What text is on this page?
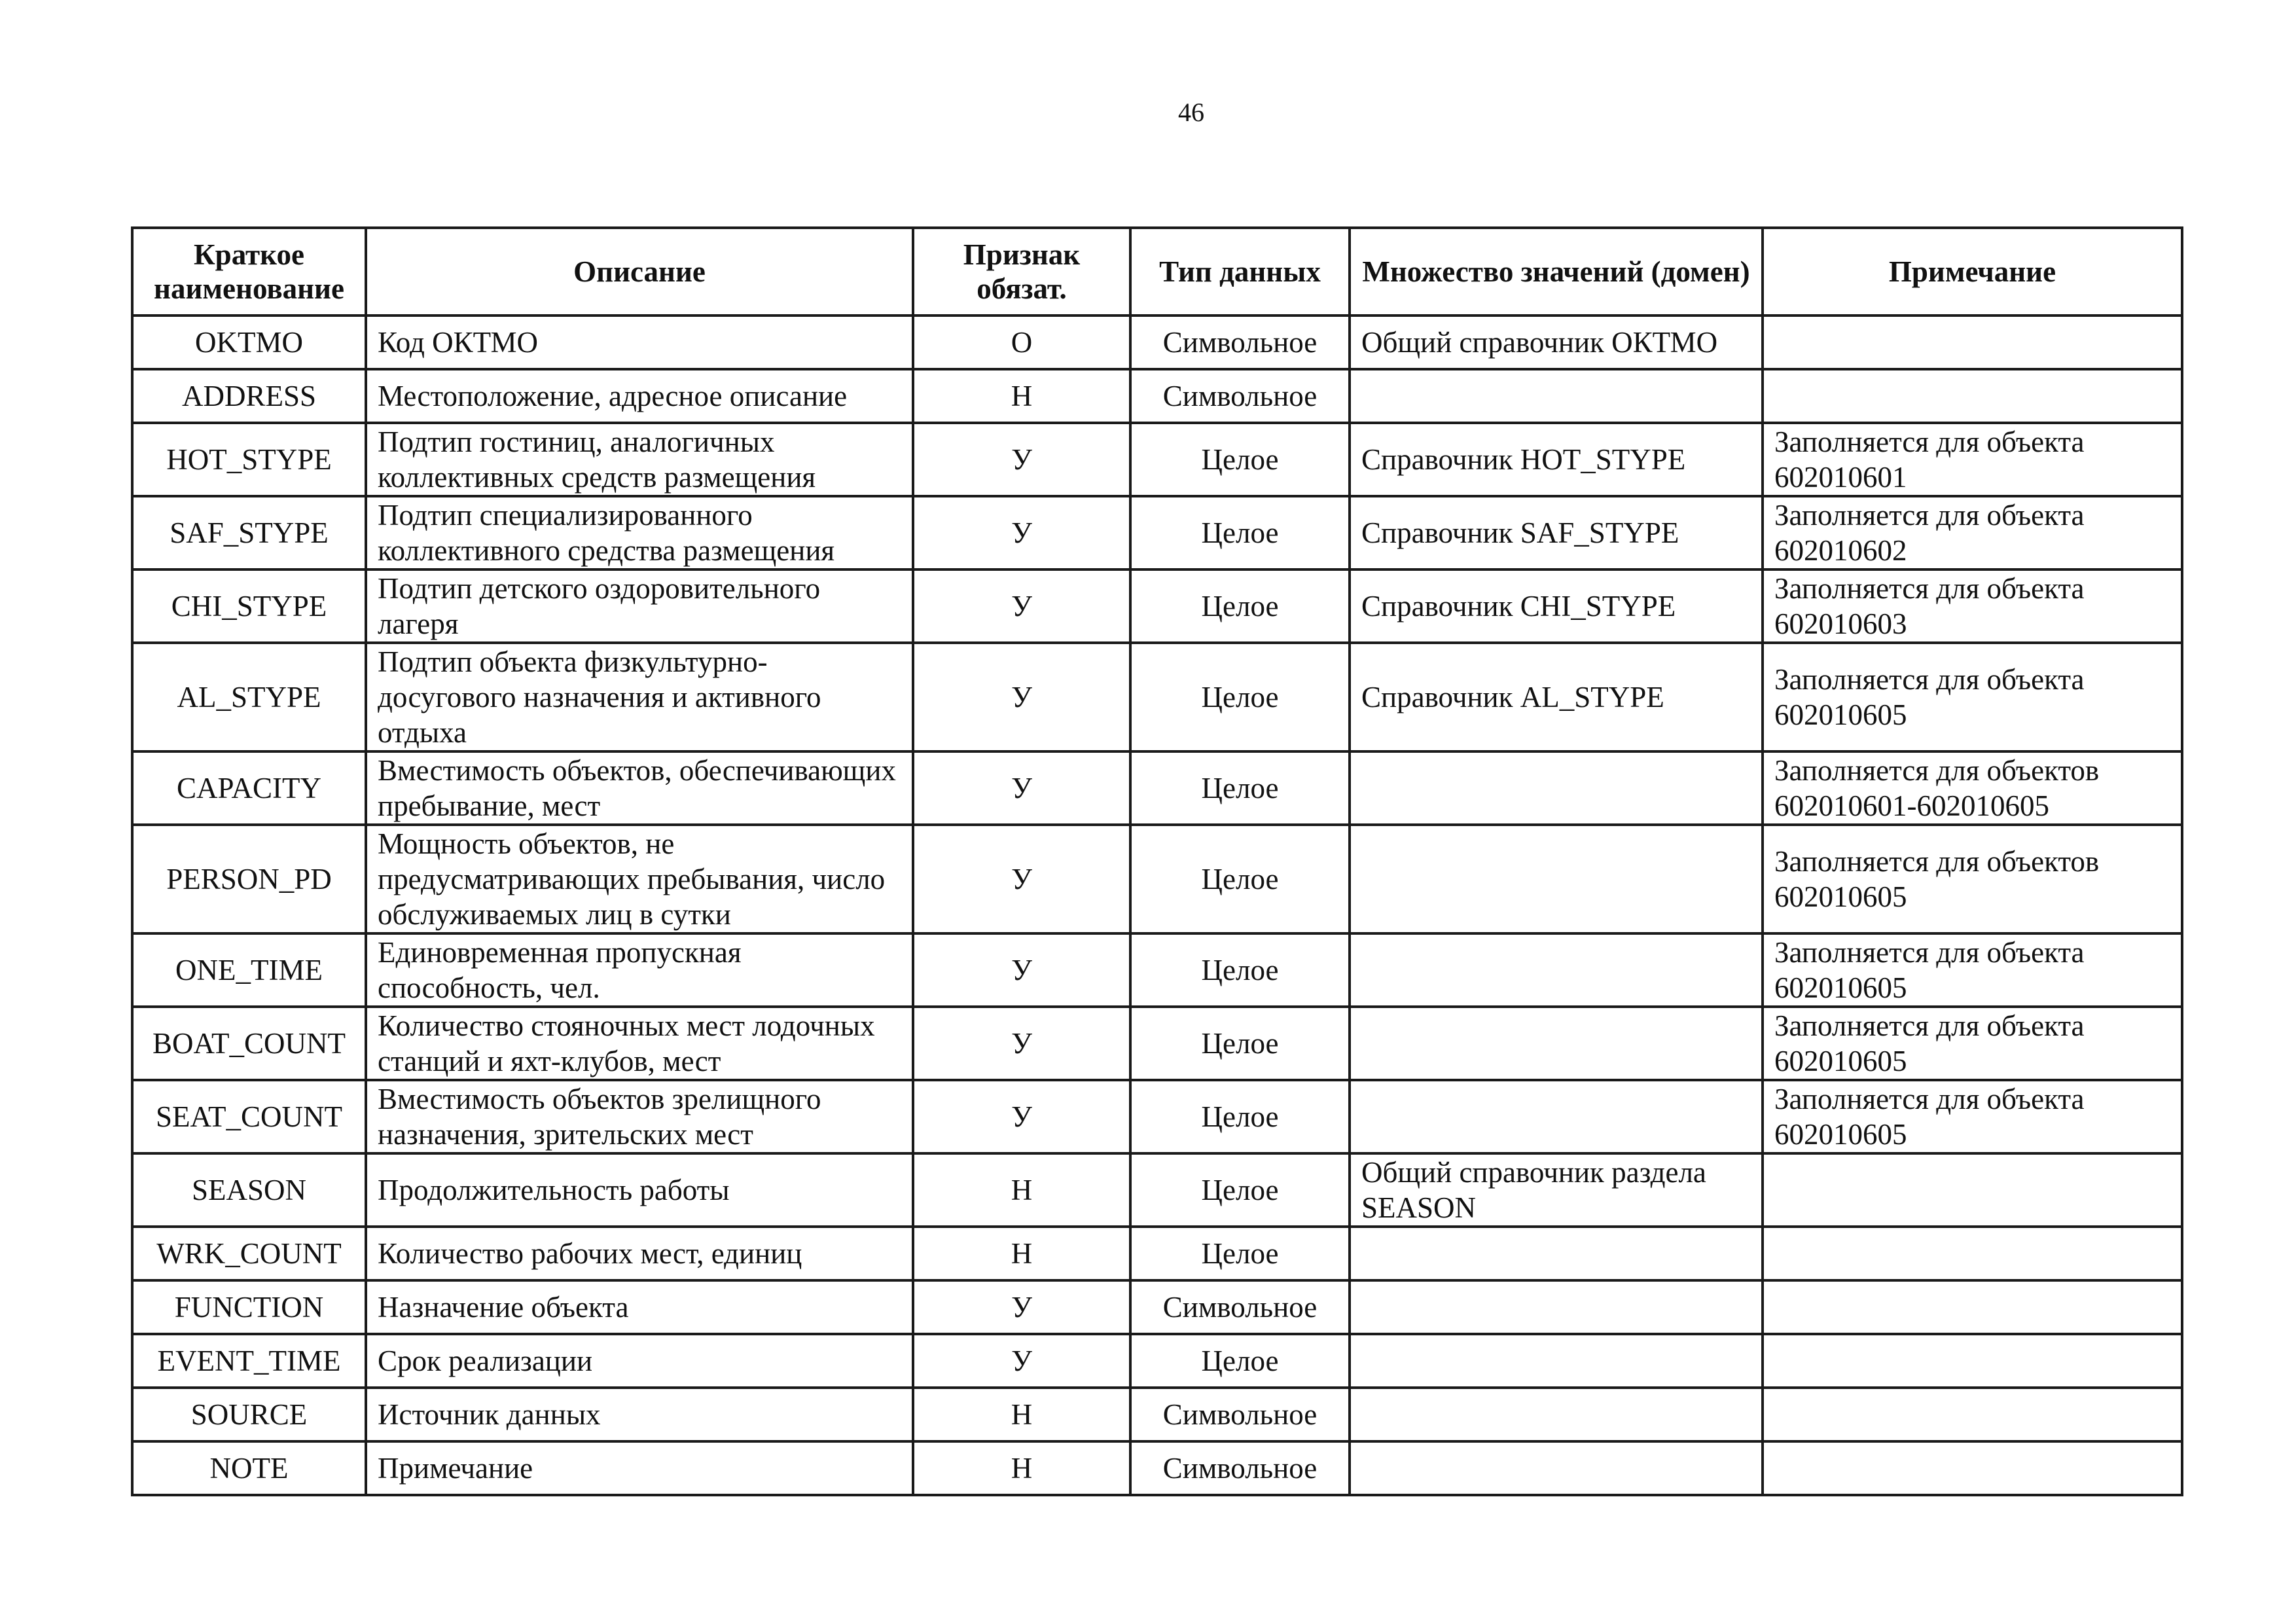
46
Краткое наименование	Описание	Признак обязат.	Тип данных	Множество значений (домен)	Примечание
OKTMO	Код ОКТМО	О	Символьное	Общий справочник ОКТМО	
ADDRESS	Местоположение, адресное описание	Н	Символьное		
HOT_STYPE	Подтип гостиниц, аналогичных коллективных средств размещения	У	Целое	Справочник HOT_STYPE	Заполняется для объекта 602010601
SAF_STYPE	Подтип специализированного коллективного средства размещения	У	Целое	Справочник SAF_STYPE	Заполняется для объекта 602010602
CHI_STYPE	Подтип детского оздоровительного лагеря	У	Целое	Справочник CHI_STYPE	Заполняется для объекта 602010603
AL_STYPE	Подтип объекта физкультурно-досугового назначения и активного отдыха	У	Целое	Справочник AL_STYPE	Заполняется для объекта 602010605
CAPACITY	Вместимость объектов, обеспечивающих пребывание, мест	У	Целое		Заполняется для объектов 602010601-602010605
PERSON_PD	Мощность объектов, не предусматривающих пребывания, число обслуживаемых лиц в сутки	У	Целое		Заполняется для объектов 602010605
ONE_TIME	Единовременная пропускная способность, чел.	У	Целое		Заполняется для объекта 602010605
BOAT_COUNT	Количество стояночных мест лодочных станций и яхт-клубов, мест	У	Целое		Заполняется для объекта 602010605
SEAT_COUNT	Вместимость объектов зрелищного назначения, зрительских мест	У	Целое		Заполняется для объекта 602010605
SEASON	Продолжительность работы	Н	Целое	Общий справочник раздела SEASON	
WRK_COUNT	Количество рабочих мест, единиц	Н	Целое		
FUNCTION	Назначение объекта	У	Символьное		
EVENT_TIME	Срок реализации	У	Целое		
SOURCE	Источник данных	Н	Символьное		
NOTE	Примечание	Н	Символьное		
